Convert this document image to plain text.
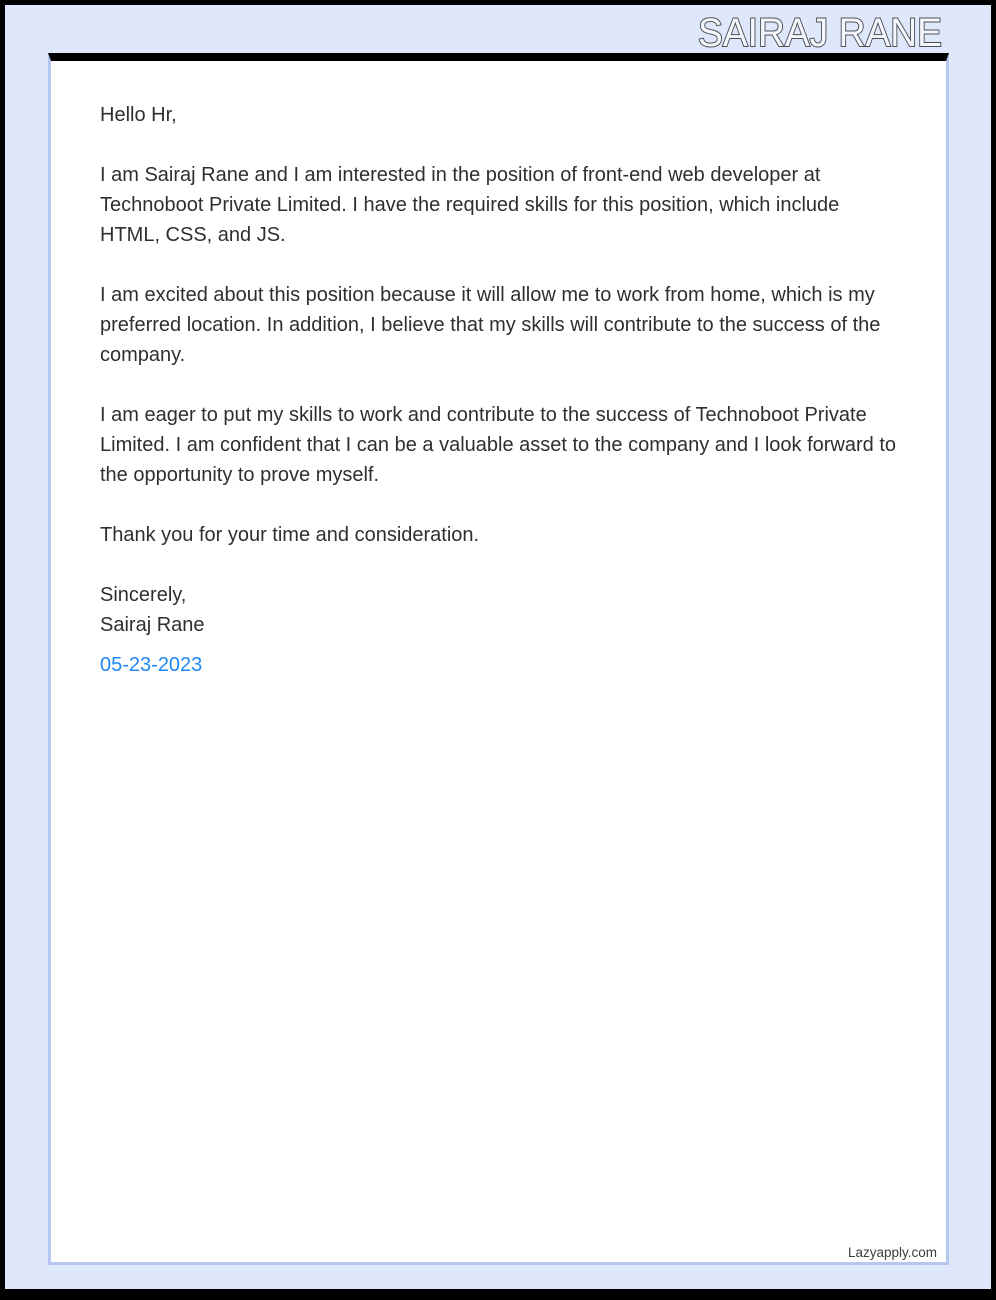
SAIRAJ RANE

Hello Hr,

I am Sairaj Rane and I am interested in the position of front-end web developer at Technoboot Private Limited. I have the required skills for this position, which include HTML, CSS, and JS.

I am excited about this position because it will allow me to work from home, which is my preferred location. In addition, I believe that my skills will contribute to the success of the company.

I am eager to put my skills to work and contribute to the success of Technoboot Private Limited. I am confident that I can be a valuable asset to the company and I look forward to the opportunity to prove myself.

Thank you for your time and consideration.

Sincerely,

Sairaj Rane

05-23-2023
Lazyapply.com
